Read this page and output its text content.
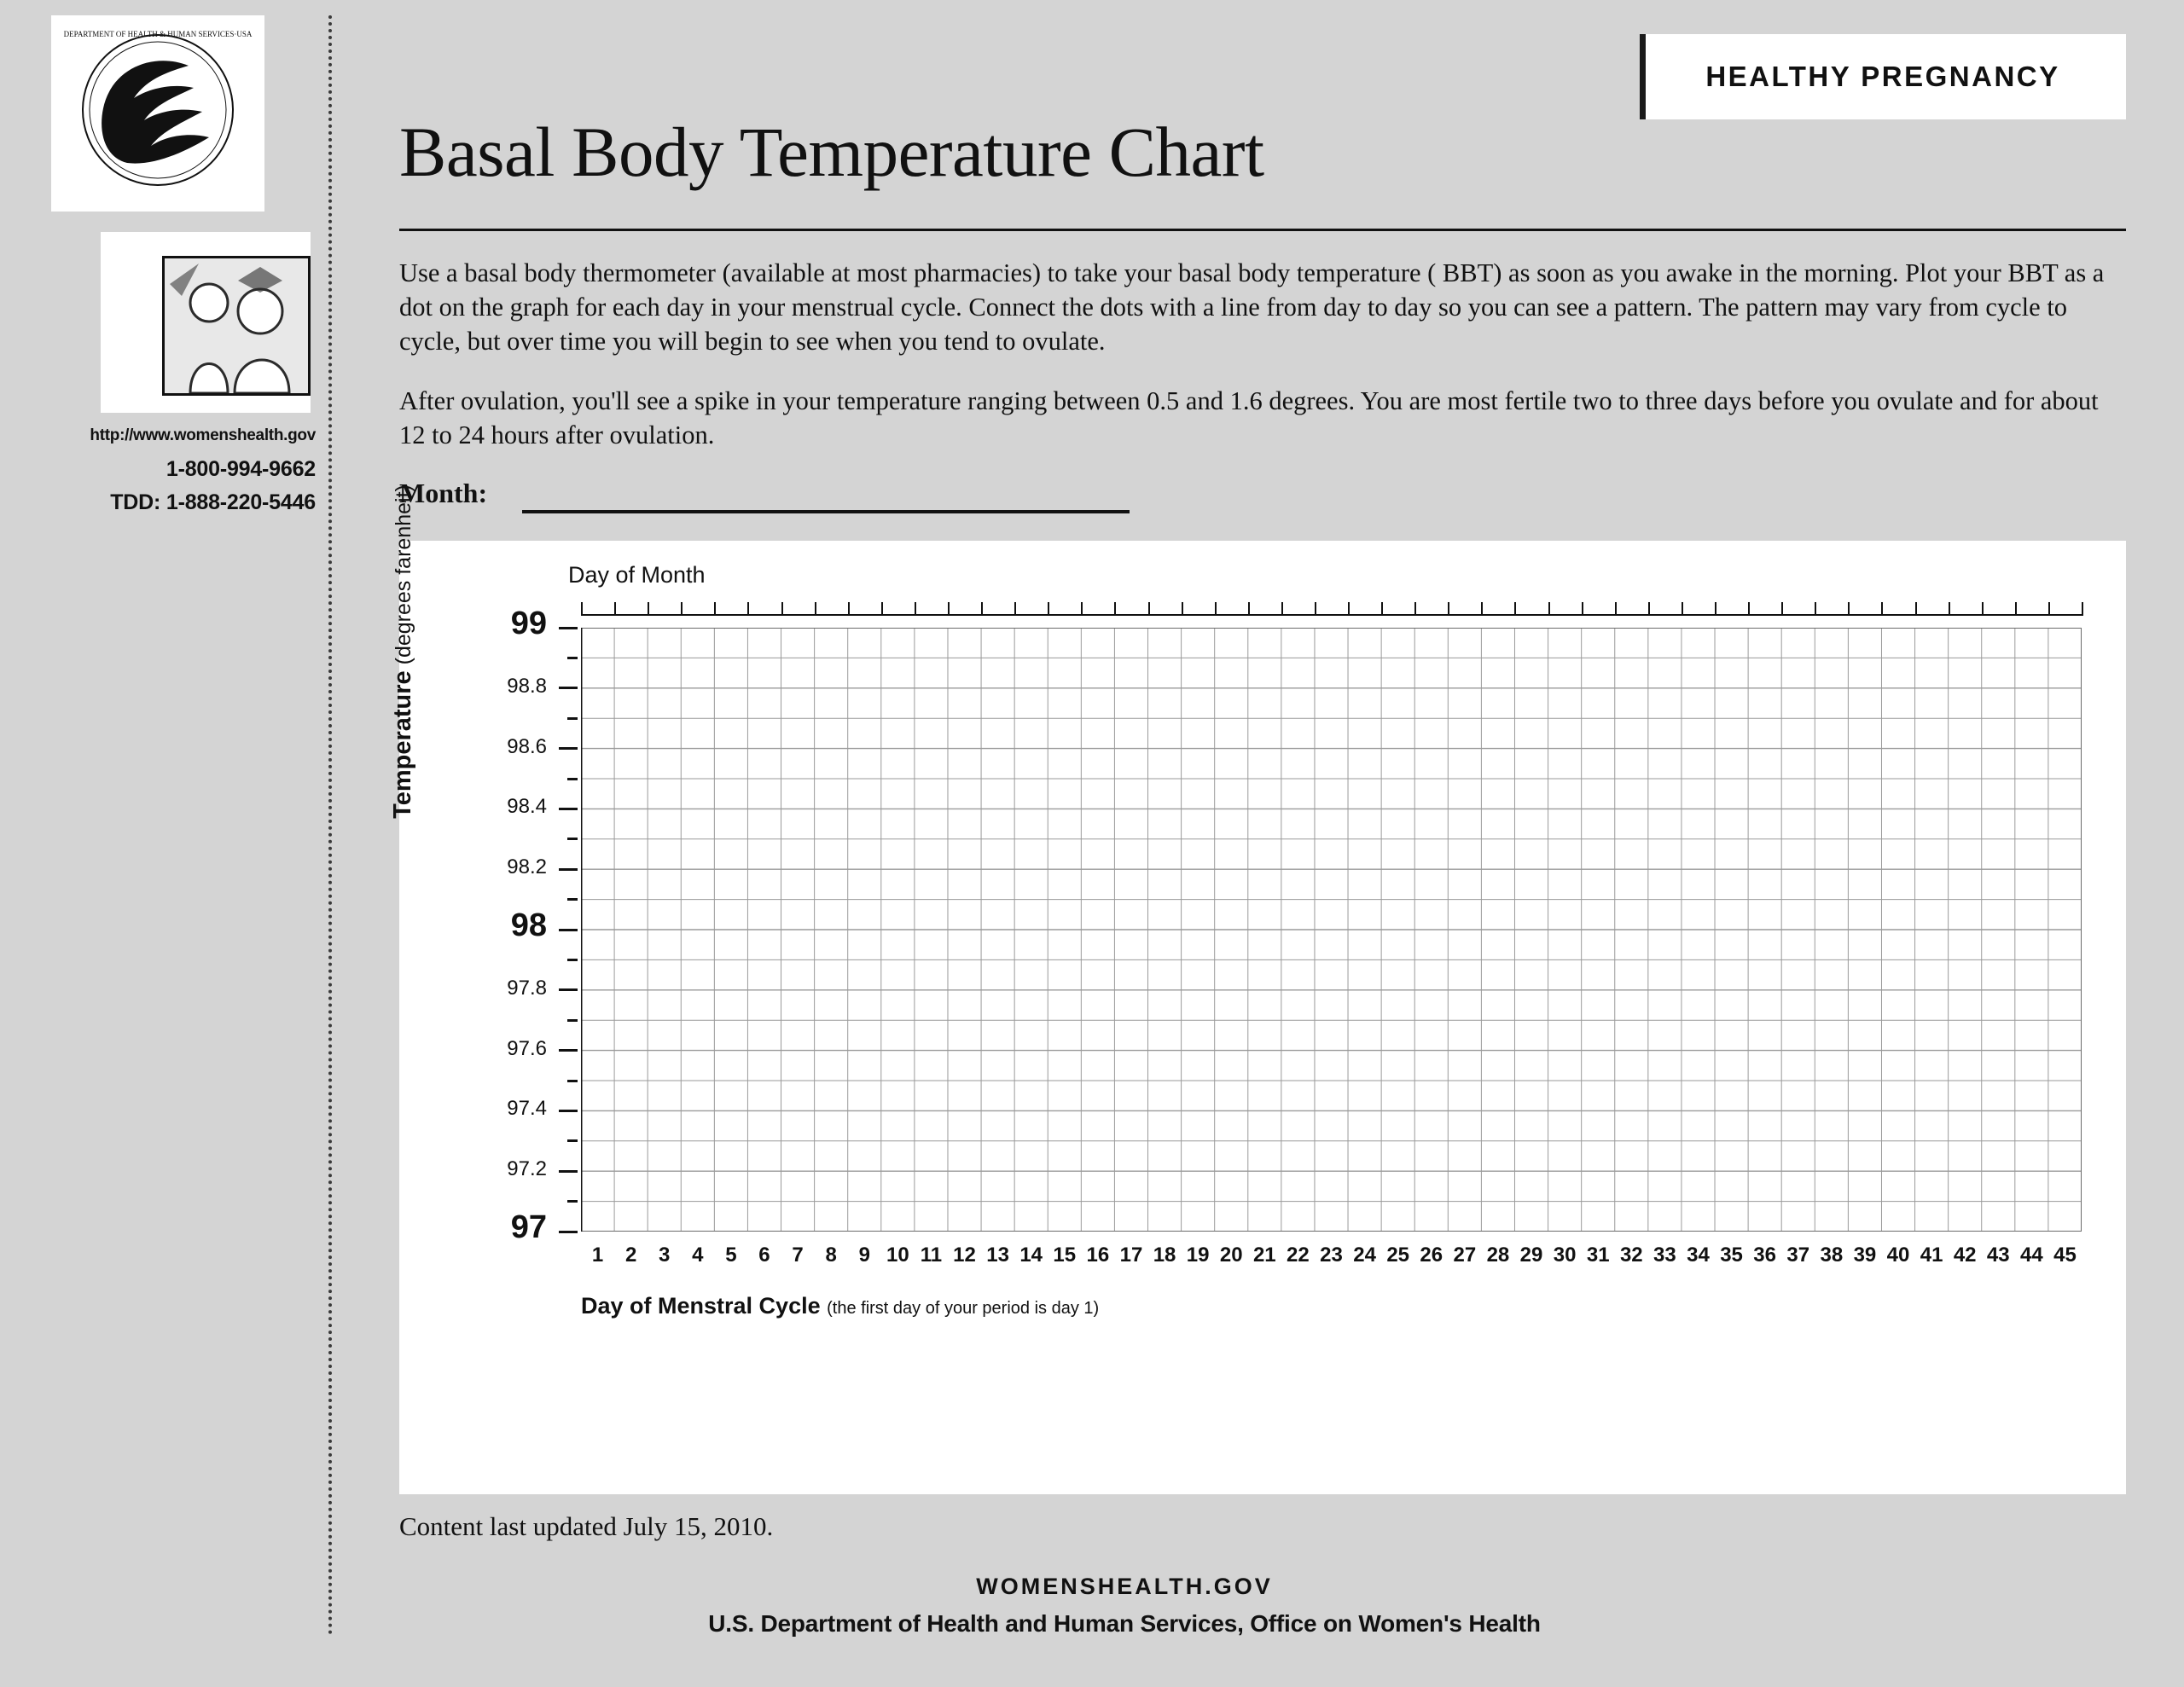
DEPARTMENT OF HEALTH & HUMAN SERVICES·USA
http://www.womenshealth.gov
1-800-994-9662
TDD: 1-888-220-5446
HEALTHY PREGNANCY
Basal Body Temperature Chart
Use a basal body thermometer (available at most pharmacies) to take your basal body temperature ( BBT) as soon as you awake in the morning. Plot your BBT as a dot on the graph for each day in your menstrual cycle. Connect the dots with a line from day to day so you can see a pattern. The pattern may vary from cycle to cycle, but over time you will begin to see when you tend to ovulate.
After ovulation, you'll see a spike in your temperature ranging between 0.5 and 1.6 degrees. You are most fertile two to three days before you ovulate and for about 12 to 24 hours after ovulation.
Month:
Day of Month
Temperature (degrees farenheit)	99
98.8
98.6
98.4
98.2
98
97.8
97.6
97.4
97.2
97
1	2	3	4	5	6	7	8	9 10 11 12 13 14 15 16 17 18 19 20 21 22 23 24 25 26 27 28 29 30 31 32 33 34 35 36 37 38 39 40 41 42 43 44 45
Day of Menstral Cycle (the first day of your period is day 1)
Content last updated July 15, 2010.
WOMENSHEALTH.GOV
U.S. Department of Health and Human Services, Office on Women's Health
